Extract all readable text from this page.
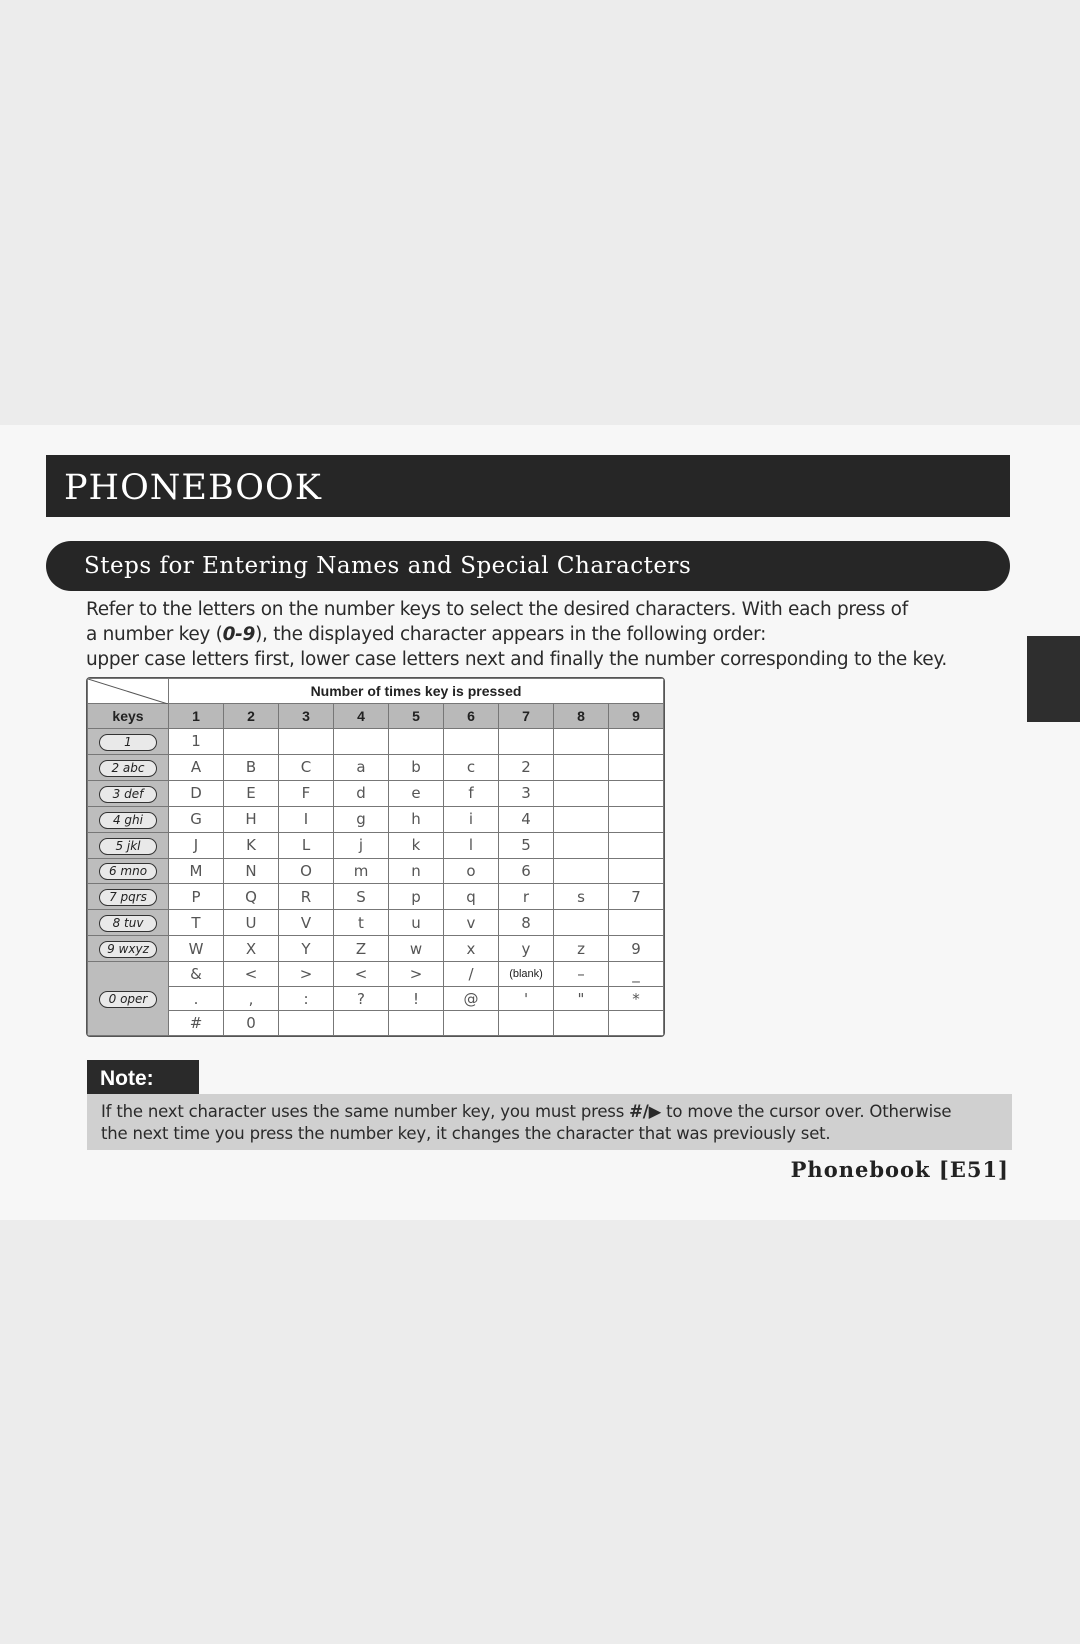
PHONEBOOK
Steps for Entering Names and Special Characters
Refer to the letters on the number keys to select the desired characters. With each press of
a number key (0-9), the displayed character appears in the following order:
upper case letters first, lower case letters next and finally the number corresponding to the key.
	Number of times key is pressed								
keys	1	2	3	4	5	6	7	8	9
1	1								
2 abc	A	B	C	a	b	c	2		
3 def	D	E	F	d	e	f	3		
4 ghi	G	H	I	g	h	i	4		
5 jkl	J	K	L	j	k	l	5		
6 mno	M	N	O	m	n	o	6		
7 pqrs	P	Q	R	S	p	q	r	s	7
8 tuv	T	U	V	t	u	v	8		
9 wxyz	W	X	Y	Z	w	x	y	z	9
0 oper	&	<	>	<	>	/	(blank)	–	_
	.	,	:	?	!	@	'	"	*
	#	0							
Note:
If the next character uses the same number key, you must press #/▶ to move the cursor over. Otherwise
the next time you press the number key, it changes the character that was previously set.
Phonebook [E51]
